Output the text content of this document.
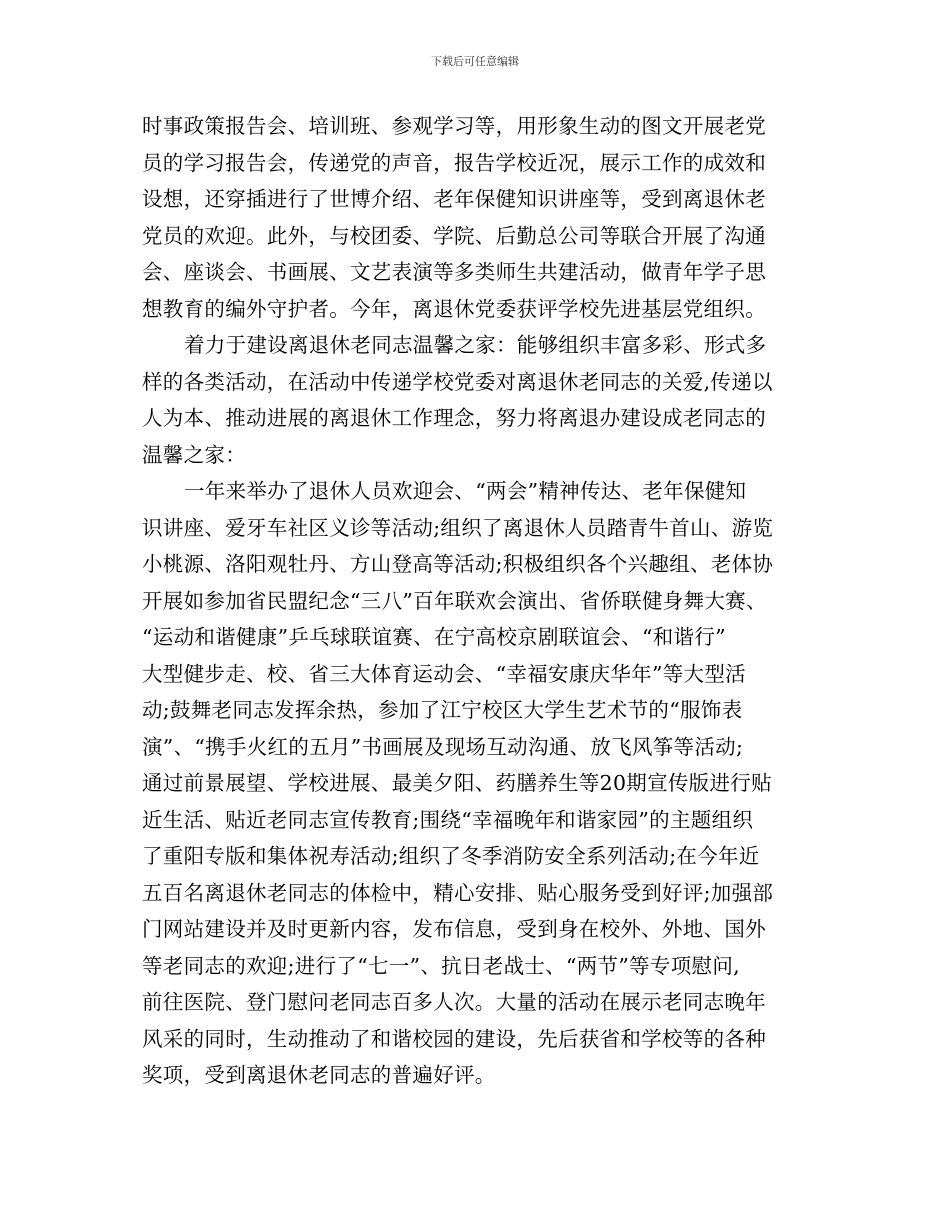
下载后可任意编辑
时事政策报告会、培训班、参观学习等，用形象生动的图文开展老党
员的学习报告会，传递党的声音，报告学校近况，展示工作的成效和
设想，还穿插进行了世博介绍、老年保健知识讲座等，受到离退休老
党员的欢迎。此外，与校团委、学院、后勤总公司等联合开展了沟通
会、座谈会、书画展、文艺表演等多类师生共建活动，做青年学子思
想教育的编外守护者。今年，离退休党委获评学校先进基层党组织。
着力于建设离退休老同志温馨之家：能够组织丰富多彩、形式多
样的各类活动，在活动中传递学校党委对离退休老同志的关爱,传递以
人为本、推动进展的离退休工作理念，努力将离退办建设成老同志的
温馨之家：
一年来举办了退休人员欢迎会、“两会”精神传达、老年保健知
识讲座、爱牙车社区义诊等活动;组织了离退休人员踏青牛首山、游览
小桃源、洛阳观牡丹、方山登高等活动;积极组织各个兴趣组、老体协
开展如参加省民盟纪念“三八”百年联欢会演出、省侨联健身舞大赛、
“运动和谐健康”乒乓球联谊赛、在宁高校京剧联谊会、“和谐行”
大型健步走、校、省三大体育运动会、“幸福安康庆华年”等大型活
动;鼓舞老同志发挥余热，参加了江宁校区大学生艺术节的“服饰表
演”、“携手火红的五月”书画展及现场互动沟通、放飞风筝等活动;
通过前景展望、学校进展、最美夕阳、药膳养生等20期宣传版进行贴
近生活、贴近老同志宣传教育;围绕“幸福晚年和谐家园”的主题组织
了重阳专版和集体祝寿活动;组织了冬季消防安全系列活动;在今年近
五百名离退休老同志的体检中，精心安排、贴心服务受到好评;加强部
门网站建设并及时更新内容，发布信息，受到身在校外、外地、国外
等老同志的欢迎;进行了“七一”、抗日老战士、“两节”等专项慰问,
前往医院、登门慰问老同志百多人次。大量的活动在展示老同志晚年
风采的同时，生动推动了和谐校园的建设，先后获省和学校等的各种
奖项，受到离退休老同志的普遍好评。
